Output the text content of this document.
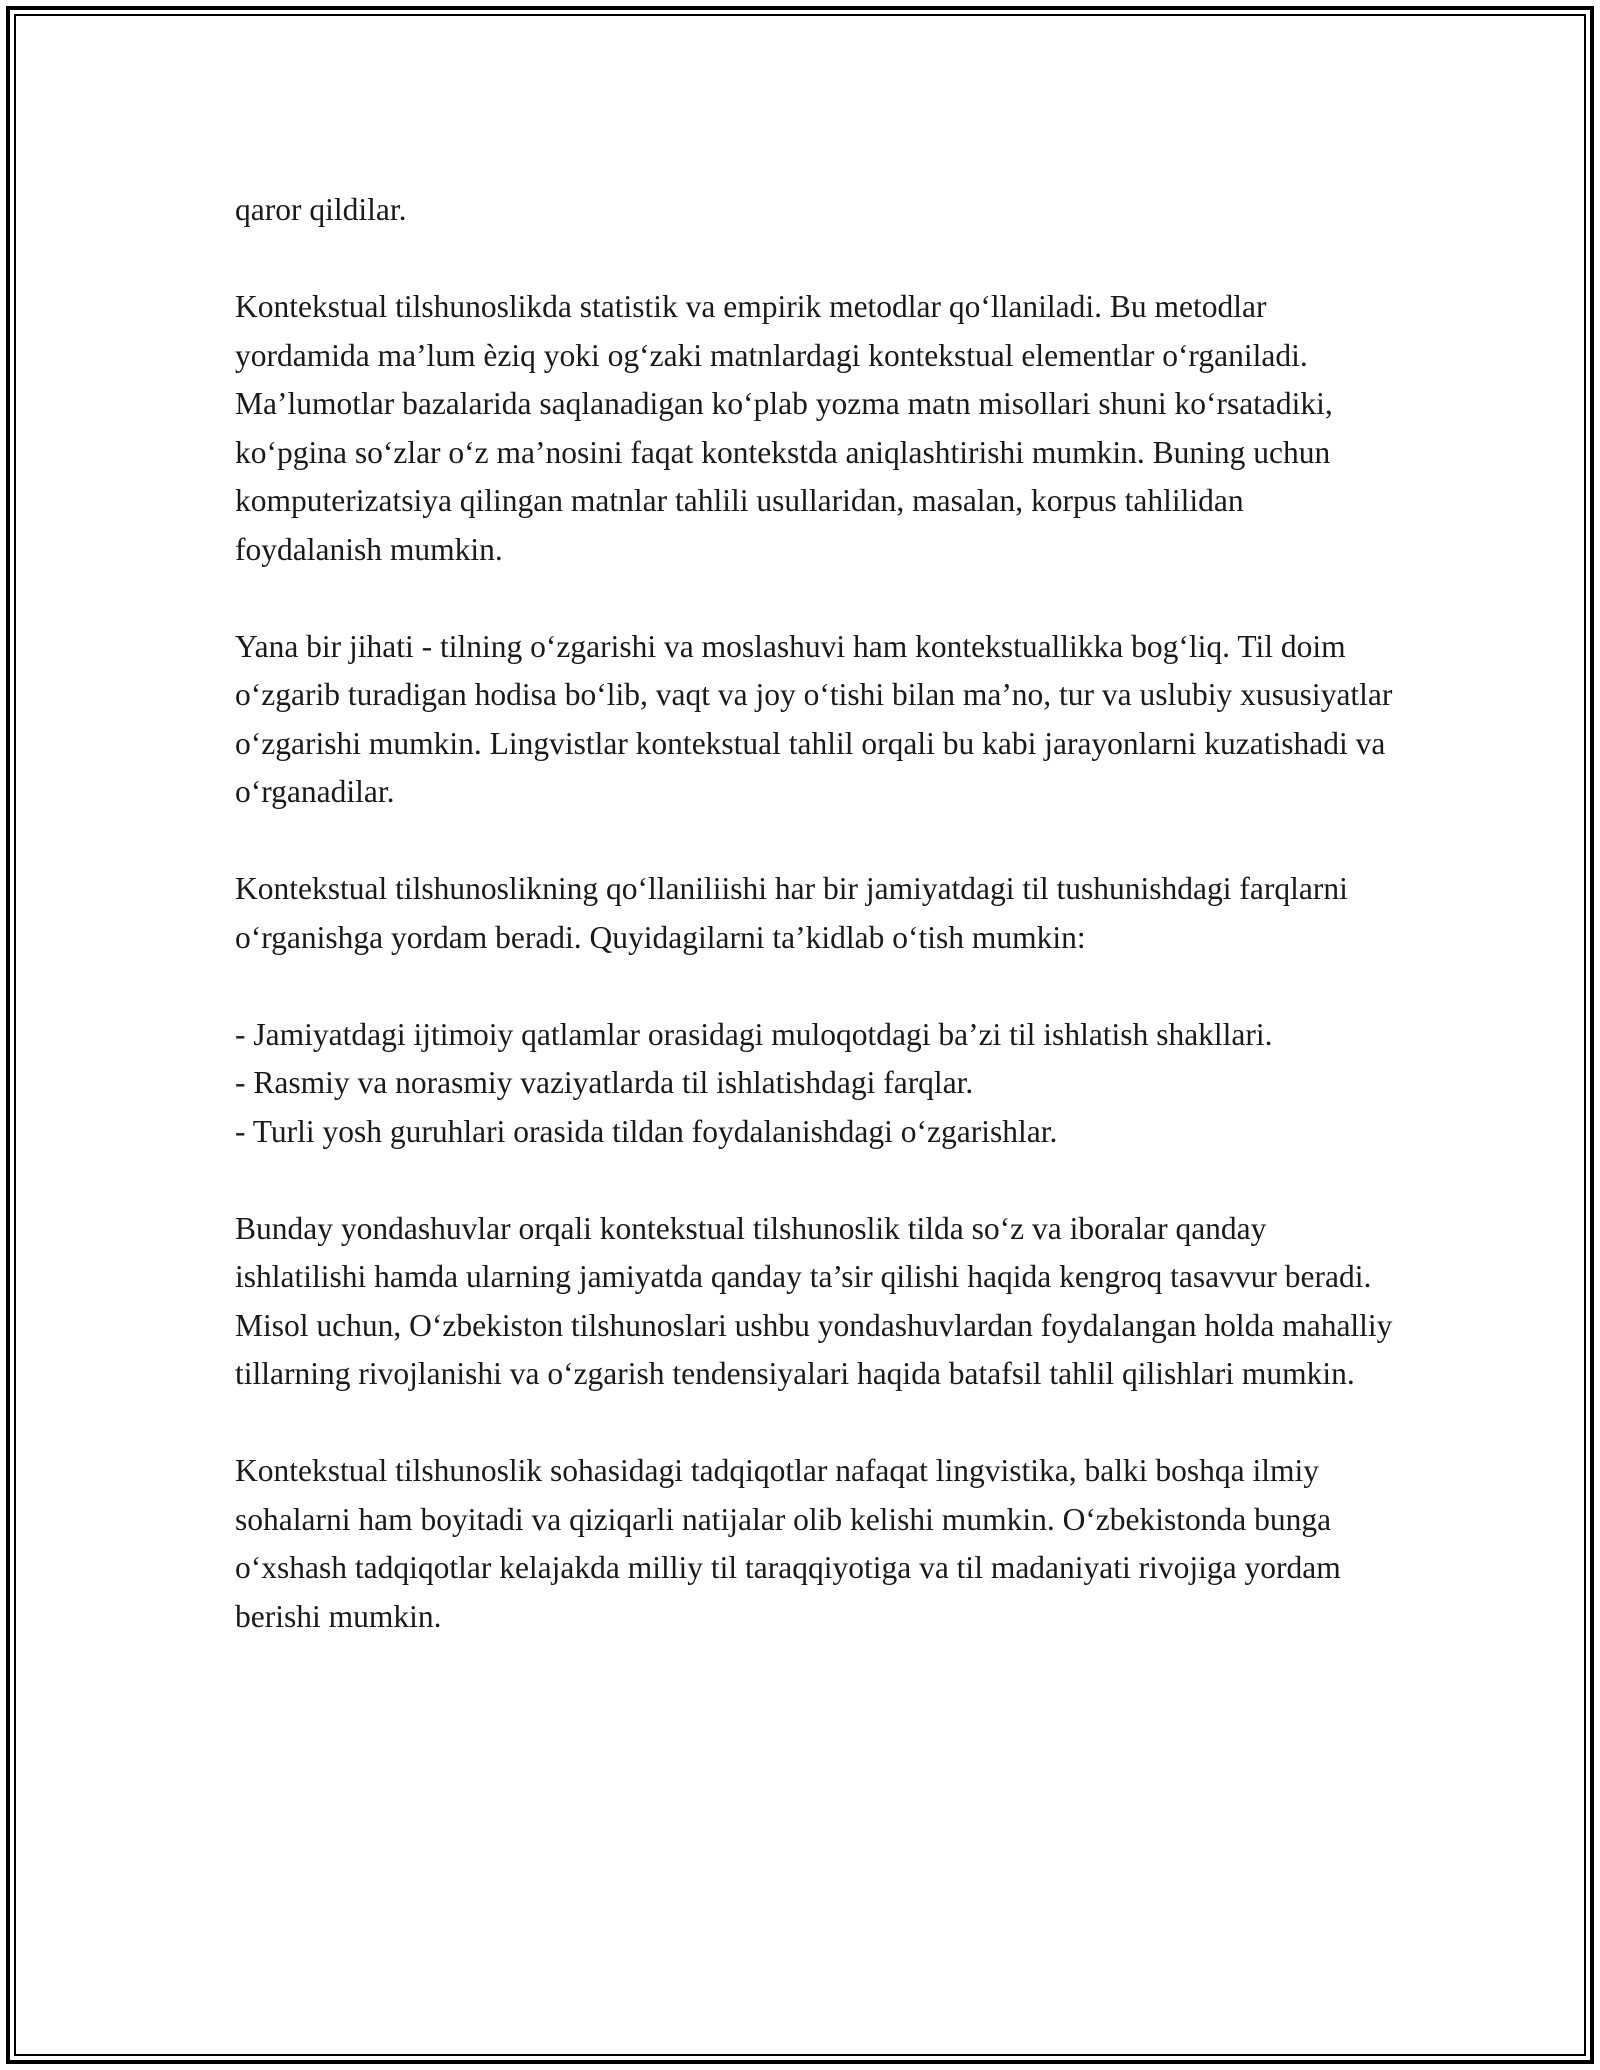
qaror qildilar.

Kontekstual tilshunoslikda statistik va empirik metodlar qo‘llaniladi. Bu metodlar yordamida ma’lum èziq yoki og‘zaki matnlardagi kontekstual elementlar o‘rganiladi. Ma’lumotlar bazalarida saqlanadigan ko‘plab yozma matn misollari shuni ko‘rsatadiki, ko‘pgina so‘zlar o‘z ma’nosini faqat kontekstda aniqlashtirishi mumkin. Buning uchun komputerizatsiya qilingan matnlar tahlili usullaridan, masalan, korpus tahlilidan foydalanish mumkin.

Yana bir jihati - tilning o‘zgarishi va moslashuvi ham kontekstuallikka bog‘liq. Til doim o‘zgarib turadigan hodisa bo‘lib, vaqt va joy o‘tishi bilan ma’no, tur va uslubiy xususiyatlar o‘zgarishi mumkin. Lingvistlar kontekstual tahlil orqali bu kabi jarayonlarni kuzatishadi va o‘rganadilar.

Kontekstual tilshunoslikning qo‘llaniliishi har bir jamiyatdagi til tushunishdagi farqlarni o‘rganishga yordam beradi. Quyidagilarni ta’kidlab o‘tish mumkin:

- Jamiyatdagi ijtimoiy qatlamlar orasidagi muloqotdagi ba’zi til ishlatish shakllari.
- Rasmiy va norasmiy vaziyatlarda til ishlatishdagi farqlar.
- Turli yosh guruhlari orasida tildan foydalanishdagi o‘zgarishlar.

Bunday yondashuvlar orqali kontekstual tilshunoslik tilda so‘z va iboralar qanday ishlatilishi hamda ularning jamiyatda qanday ta’sir qilishi haqida kengroq tasavvur beradi. Misol uchun, O‘zbekiston tilshunoslari ushbu yondashuvlardan foydalangan holda mahalliy tillarning rivojlanishi va o‘zgarish tendensiyalari haqida batafsil tahlil qilishlari mumkin.

Kontekstual tilshunoslik sohasidagi tadqiqotlar nafaqat lingvistika, balki boshqa ilmiy sohalarni ham boyitadi va qiziqarli natijalar olib kelishi mumkin. O‘zbekistonda bunga o‘xshash tadqiqotlar kelajakda milliy til taraqqiyotiga va til madaniyati rivojiga yordam berishi mumkin.
